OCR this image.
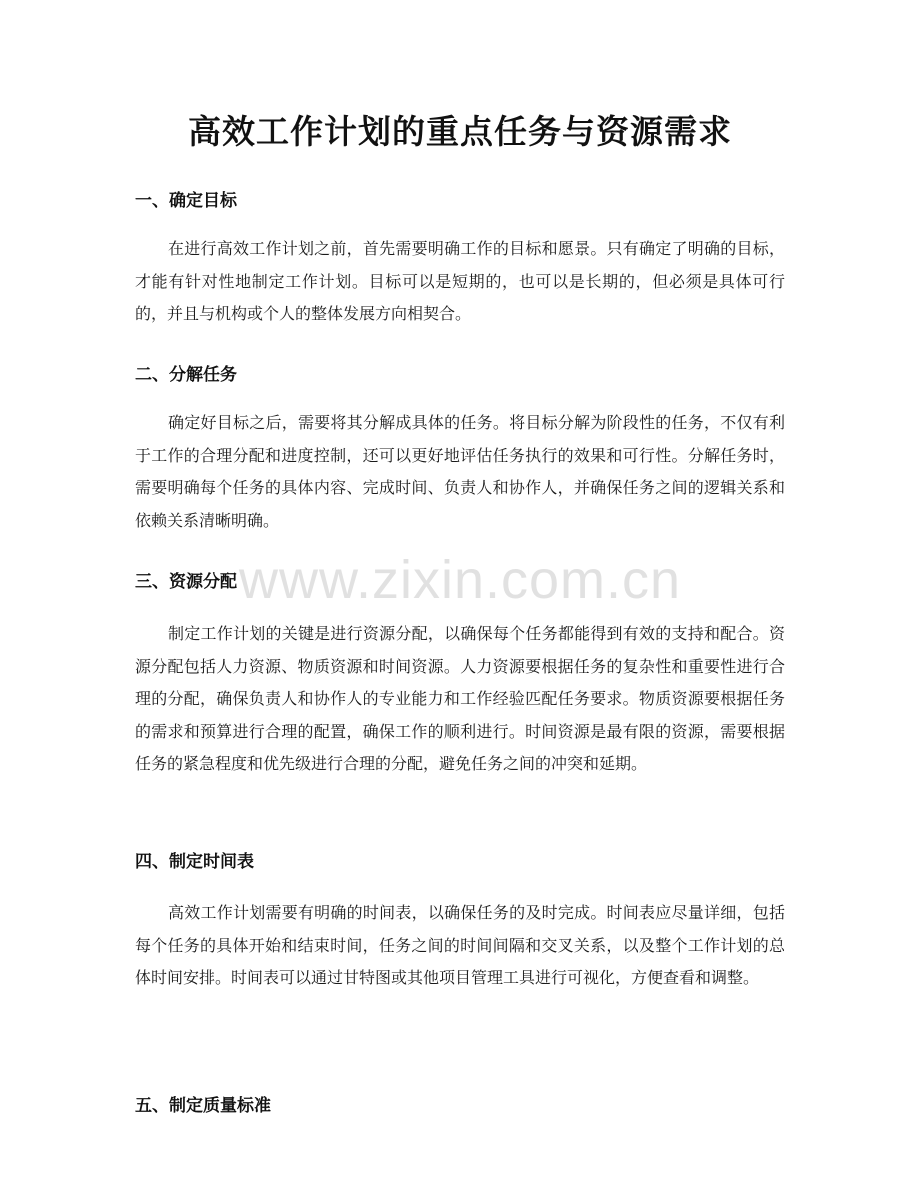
高效工作计划的重点任务与资源需求
一、确定目标

在进行高效工作计划之前，首先需要明确工作的目标和愿景。只有确定了明确的目标，才能有针对性地制定工作计划。目标可以是短期的，也可以是长期的，但必须是具体可行的，并且与机构或个人的整体发展方向相契合。

二、分解任务

确定好目标之后，需要将其分解成具体的任务。将目标分解为阶段性的任务，不仅有利于工作的合理分配和进度控制，还可以更好地评估任务执行的效果和可行性。分解任务时，需要明确每个任务的具体内容、完成时间、负责人和协作人，并确保任务之间的逻辑关系和依赖关系清晰明确。

三、资源分配

制定工作计划的关键是进行资源分配，以确保每个任务都能得到有效的支持和配合。资源分配包括人力资源、物质资源和时间资源。人力资源要根据任务的复杂性和重要性进行合理的分配，确保负责人和协作人的专业能力和工作经验匹配任务要求。物质资源要根据任务的需求和预算进行合理的配置，确保工作的顺利进行。时间资源是最有限的资源，需要根据任务的紧急程度和优先级进行合理的分配，避免任务之间的冲突和延期。

四、制定时间表

高效工作计划需要有明确的时间表，以确保任务的及时完成。时间表应尽量详细，包括每个任务的具体开始和结束时间，任务之间的时间间隔和交叉关系，以及整个工作计划的总体时间安排。时间表可以通过甘特图或其他项目管理工具进行可视化，方便查看和调整。

五、制定质量标准
www.zixin.com.cn
